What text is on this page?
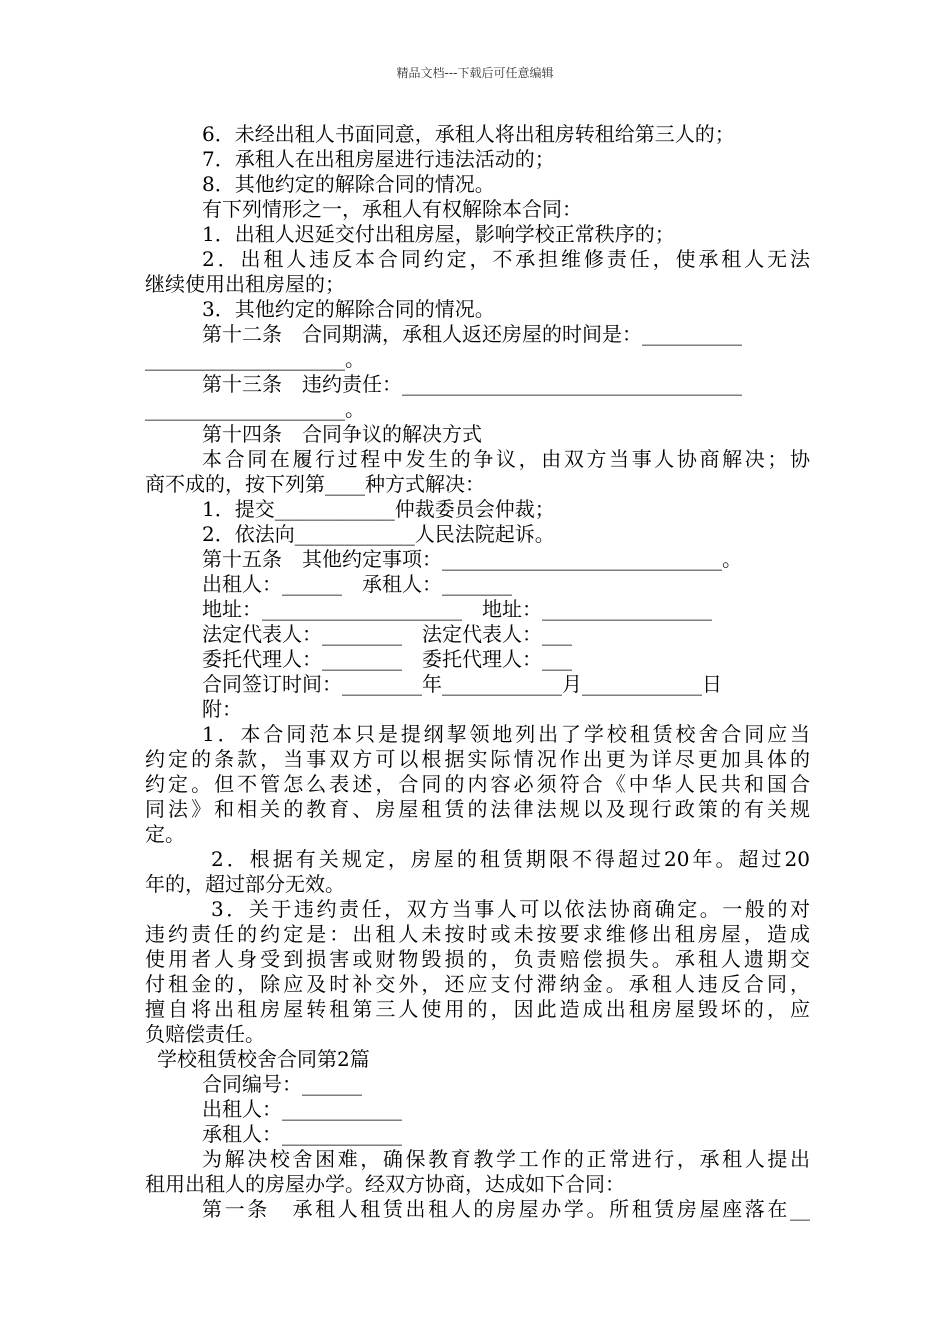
精品文档---下载后可任意编辑
6．未经出租人书面同意，承租人将出租房转租给第三人的；
7．承租人在出租房屋进行违法活动的；
8．其他约定的解除合同的情况。
有下列情形之一，承租人有权解除本合同：
1．出租人迟延交付出租房屋，影响学校正常秩序的；
2．出租人违反本合同约定，不承担维修责任，使承租人无法
继续使用出租房屋的；
3．其他约定的解除合同的情况。
第十二条　合同期满，承租人返还房屋的时间是：__________
____________________。
第十三条　违约责任：__________________________________
____________________。
第十四条　合同争议的解决方式
本合同在履行过程中发生的争议，由双方当事人协商解决；协
商不成的，按下列第____种方式解决：
1．提交____________仲裁委员会仲裁；
2．依法向____________人民法院起诉。
第十五条　其他约定事项：____________________________。
出租人：______　承租人：_______
地址：____________________　地址：_________________
法定代表人：________　法定代表人：___
委托代理人：________　委托代理人：___
合同签订时间：________年____________月____________日
附：
1．本合同范本只是提纲挈领地列出了学校租赁校舍合同应当
约定的条款，当事双方可以根据实际情况作出更为详尽更加具体的
约定。但不管怎么表述，合同的内容必须符合《中华人民共和国合
同法》和相关的教育、房屋租赁的法律法规以及现行政策的有关规
定。
2．根据有关规定，房屋的租赁期限不得超过20年。超过20
年的，超过部分无效。
3．关于违约责任，双方当事人可以依法协商确定。一般的对
违约责任的约定是：出租人未按时或未按要求维修出租房屋，造成
使用者人身受到损害或财物毁损的，负责赔偿损失。承租人遗期交
付租金的，除应及时补交外，还应支付滞纳金。承租人违反合同，
擅自将出租房屋转租第三人使用的，因此造成出租房屋毁坏的，应
负赔偿责任。
学校租赁校舍合同第2篇
合同编号：______
出租人：____________
承租人：____________
为解决校舍困难，确保教育教学工作的正常进行，承租人提出
租用出租人的房屋办学。经双方协商，达成如下合同：
第一条　承租人租赁出租人的房屋办学。所租赁房屋座落在__
